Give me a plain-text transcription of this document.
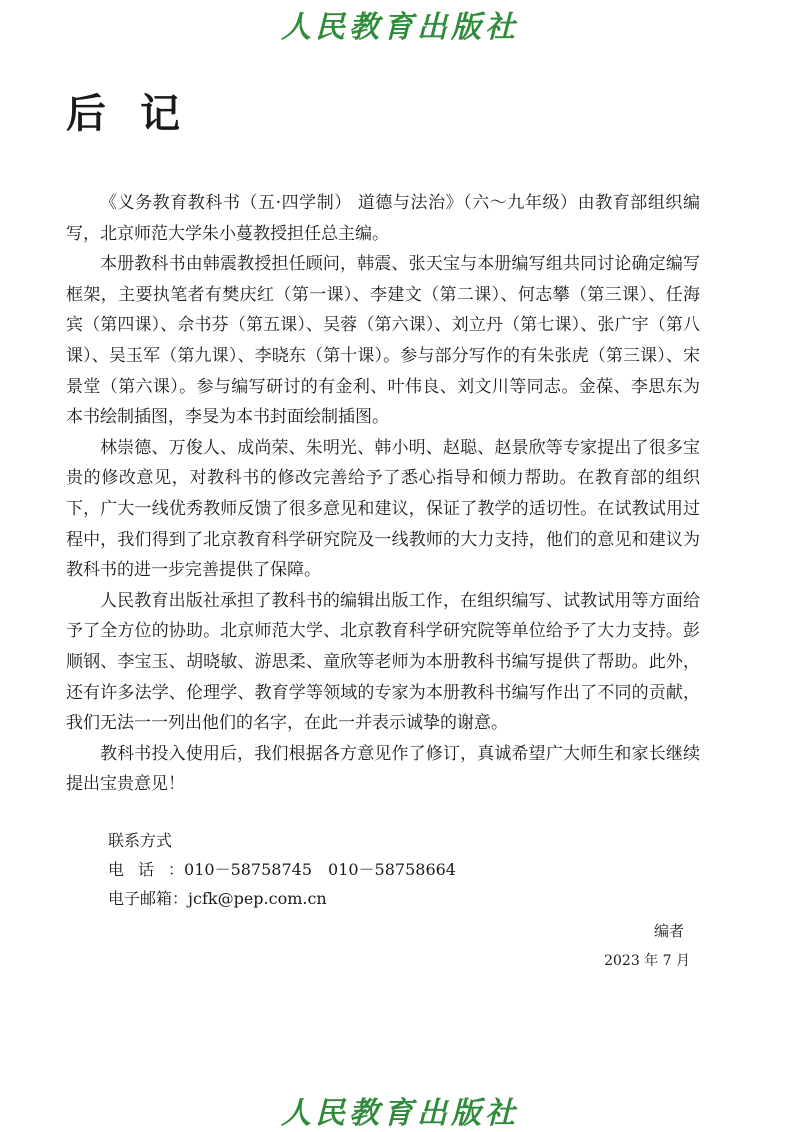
人民教育出版社
后记

《义务教育教科书（五·四学制） 道德与法治》（六～九年级）由教育部组织编写，北京师范大学朱小蔓教授担任总主编。

本册教科书由韩震教授担任顾问，韩震、张天宝与本册编写组共同讨论确定编写框架，主要执笔者有樊庆红（第一课）、李建文（第二课）、何志攀（第三课）、任海宾（第四课）、佘书芬（第五课）、吴蓉（第六课）、刘立丹（第七课）、张广宇（第八课）、吴玉军（第九课）、李晓东（第十课）。参与部分写作的有朱张虎（第三课）、宋景堂（第六课）。参与编写研讨的有金利、叶伟良、刘文川等同志。金葆、李思东为本书绘制插图，李旻为本书封面绘制插图。

林崇德、万俊人、成尚荣、朱明光、韩小明、赵聪、赵景欣等专家提出了很多宝贵的修改意见，对教科书的修改完善给予了悉心指导和倾力帮助。在教育部的组织下，广大一线优秀教师反馈了很多意见和建议，保证了教学的适切性。在试教试用过程中，我们得到了北京教育科学研究院及一线教师的大力支持，他们的意见和建议为教科书的进一步完善提供了保障。

人民教育出版社承担了教科书的编辑出版工作，在组织编写、试教试用等方面给予了全方位的协助。北京师范大学、北京教育科学研究院等单位给予了大力支持。彭顺钢、李宝玉、胡晓敏、游思柔、童欣等老师为本册教科书编写提供了帮助。此外，还有许多法学、伦理学、教育学等领域的专家为本册教科书编写作出了不同的贡献，我们无法一一列出他们的名字，在此一并表示诚挚的谢意。

教科书投入使用后，我们根据各方意见作了修订，真诚希望广大师生和家长继续提出宝贵意见！

联系方式
电话：010－58758745　010－58758664
电子邮箱：jcfk@pep.com.cn
编者
2023 年 7 月
人民教育出版社
